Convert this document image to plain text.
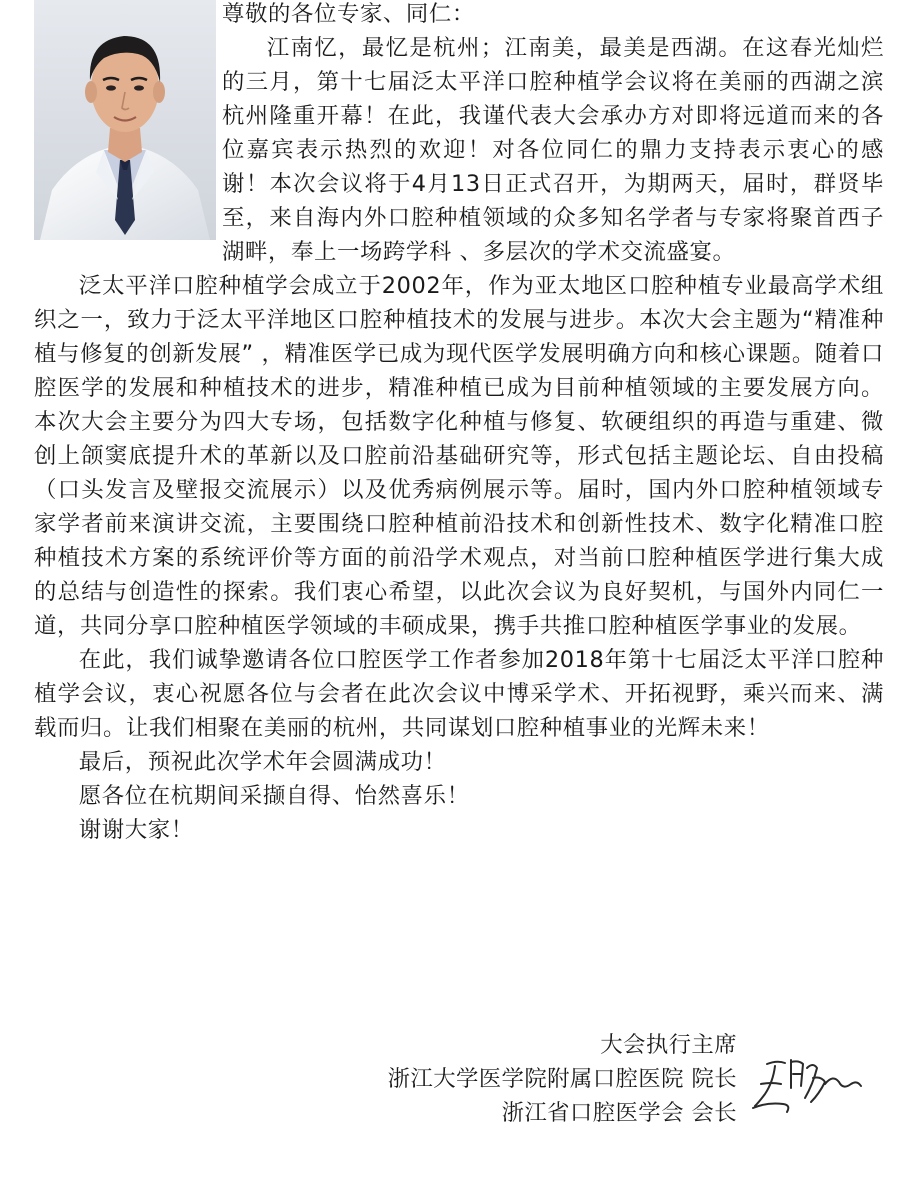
尊敬的各位专家、同仁：

江南忆，最忆是杭州；江南美，最美是西湖。在这春光灿烂的三月，第十七届泛太平洋口腔种植学会议将在美丽的西湖之滨杭州隆重开幕！在此，我谨代表大会承办方对即将远道而来的各位嘉宾表示热烈的欢迎！对各位同仁的鼎力支持表示衷心的感谢！本次会议将于4月13日正式召开，为期两天，届时，群贤毕至，来自海内外口腔种植领域的众多知名学者与专家将聚首西子湖畔，奉上一场跨学科 、多层次的学术交流盛宴。

泛太平洋口腔种植学会成立于2002年，作为亚太地区口腔种植专业最高学术组织之一，致力于泛太平洋地区口腔种植技术的发展与进步。本次大会主题为“精准种植与修复的创新发展” ，精准医学已成为现代医学发展明确方向和核心课题。随着口腔医学的发展和种植技术的进步，精准种植已成为目前种植领域的主要发展方向。本次大会主要分为四大专场，包括数字化种植与修复、软硬组织的再造与重建、微创上颌窦底提升术的革新以及口腔前沿基础研究等，形式包括主题论坛、自由投稿（口头发言及壁报交流展示）以及优秀病例展示等。届时，国内外口腔种植领域专家学者前来演讲交流，主要围绕口腔种植前沿技术和创新性技术、数字化精准口腔种植技术方案的系统评价等方面的前沿学术观点，对当前口腔种植医学进行集大成的总结与创造性的探索。我们衷心希望，以此次会议为良好契机，与国外内同仁一道，共同分享口腔种植医学领域的丰硕成果，携手共推口腔种植医学事业的发展。

在此，我们诚挚邀请各位口腔医学工作者参加2018年第十七届泛太平洋口腔种植学会议，衷心祝愿各位与会者在此次会议中博采学术、开拓视野，乘兴而来、满载而归。让我们相聚在美丽的杭州，共同谋划口腔种植事业的光辉未来！

最后，预祝此次学术年会圆满成功！

愿各位在杭期间采撷自得、怡然喜乐！

谢谢大家！

大会执行主席
浙江大学医学院附属口腔医院 院长
浙江省口腔医学会 会长
